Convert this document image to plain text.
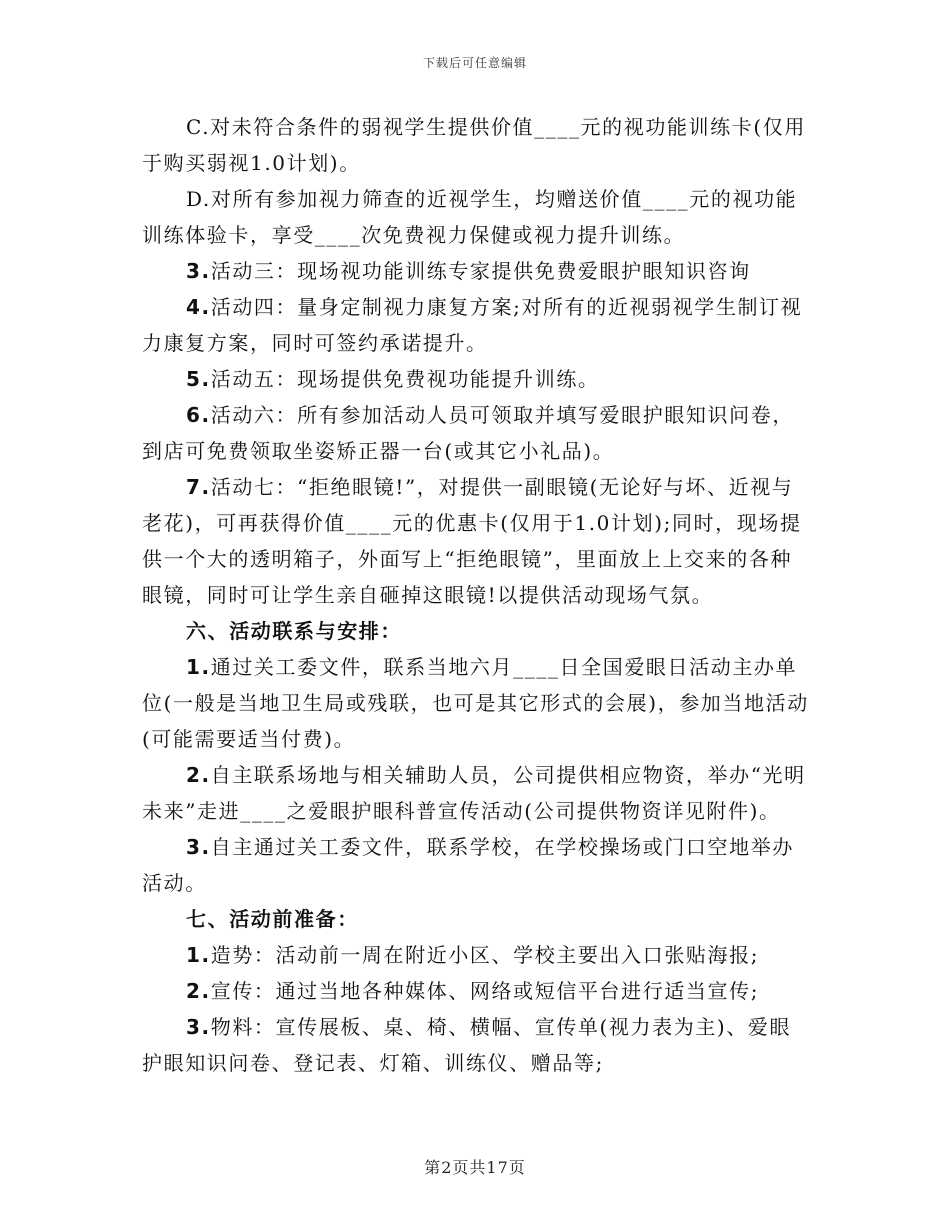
下载后可任意编辑

C.对未符合条件的弱视学生提供价值____元的视功能训练卡(仅用于购买弱视1.0计划)。

D.对所有参加视力筛查的近视学生，均赠送价值____元的视功能训练体验卡，享受____次免费视力保健或视力提升训练。

3.活动三：现场视功能训练专家提供免费爱眼护眼知识咨询

4.活动四：量身定制视力康复方案;对所有的近视弱视学生制订视力康复方案，同时可签约承诺提升。

5.活动五：现场提供免费视功能提升训练。

6.活动六：所有参加活动人员可领取并填写爱眼护眼知识问卷，到店可免费领取坐姿矫正器一台(或其它小礼品)。

7.活动七：“拒绝眼镜!”，对提供一副眼镜(无论好与坏、近视与老花)，可再获得价值____元的优惠卡(仅用于1.0计划);同时，现场提供一个大的透明箱子，外面写上“拒绝眼镜”，里面放上上交来的各种眼镜，同时可让学生亲自砸掉这眼镜!以提供活动现场气氛。

六、活动联系与安排：

1.通过关工委文件，联系当地六月____日全国爱眼日活动主办单位(一般是当地卫生局或残联，也可是其它形式的会展)，参加当地活动(可能需要适当付费)。

2.自主联系场地与相关辅助人员，公司提供相应物资，举办“光明未来”走进____之爱眼护眼科普宣传活动(公司提供物资详见附件)。

3.自主通过关工委文件，联系学校，在学校操场或门口空地举办活动。

七、活动前准备：

1.造势：活动前一周在附近小区、学校主要出入口张贴海报;

2.宣传：通过当地各种媒体、网络或短信平台进行适当宣传;

3.物料：宣传展板、桌、椅、横幅、宣传单(视力表为主)、爱眼护眼知识问卷、登记表、灯箱、训练仪、赠品等;

第2页共17页
